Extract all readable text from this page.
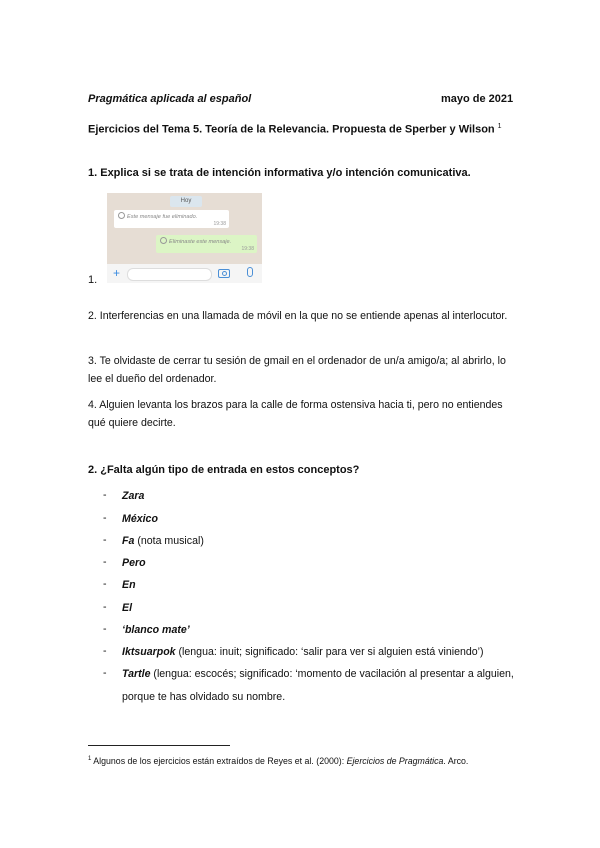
Pragmática aplicada al español	mayo de 2021
Ejercicios del Tema 5. Teoría de la Relevancia. Propuesta de Sperber y Wilson $^1$
1. Explica si se trata de intención informativa y/o intención comunicativa.
Hoy
Este mensaje fue eliminado.
19:38
Eliminaste este mensaje.
19:38
+
1.
2. Interferencias en una llamada de móvil en la que no se entiende apenas al interlocutor.
3. Te olvidaste de cerrar tu sesión de gmail en el ordenador de un/a amigo/a; al abrirlo, lo lee el dueño del ordenador.
4. Alguien levanta los brazos para la calle de forma ostensiva hacia ti, pero no entiendes qué quiere decirte.
2. ¿Falta algún tipo de entrada en estos conceptos?
- Zara
- México
- Fa (nota musical)
- Pero
- En
- El
- ‘blanco mate’
- Iktsuarpok (lengua: inuit; significado: ‘salir para ver si alguien está viniendo’)
- Tartle (lengua: escocés; significado: ‘momento de vacilación al presentar a alguien, porque te has olvidado su nombre.
$^1$ Algunos de los ejercicios están extraídos de Reyes et al. (2000): Ejercicios de Pragmática. Arco.
